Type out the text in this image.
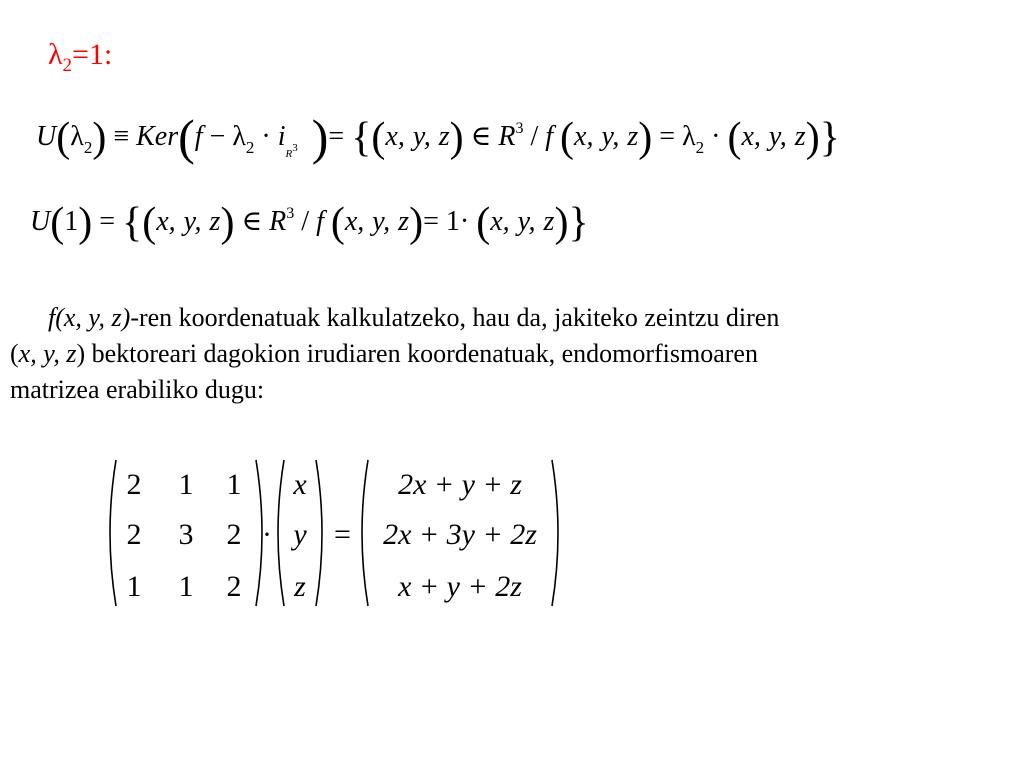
$\lambda_2=1$:
$U(\lambda_2) \equiv Ker(f - \lambda_2 \cdot i_{R3}$ )= {(x, y, z) ∈ $R^3$ / f (x, y, $z) = \lambda_2 \cdot (x$, y, z)}
U(1) = {(x, y, z) ∈ $R^3$ / f (x, y, z)= 1· (x, y, z)}
f(x, y, z)-ren koordenatuak kalkulatzeko, hau da, jakiteko zeintzu diren
(x, y, z) bektoreari dagokion irudiaren koordenatuak, endomorfismoaren
matrizea erabiliko dugu:
2	1	1
2	3	2
1	1	2
·
x
y
z
=
2x + y + z
2x + 3y + 2z
x + y + 2z
